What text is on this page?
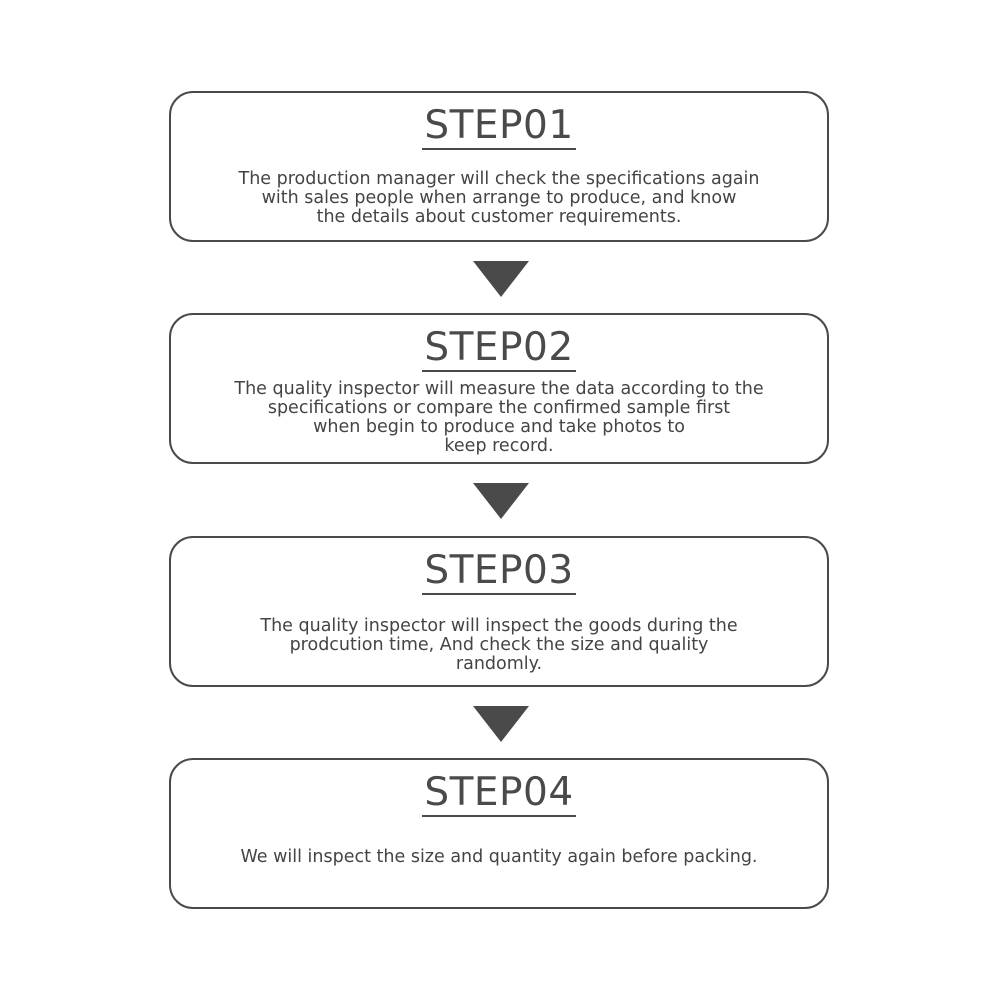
STEP01
The production manager will check the specifications again
with sales people when arrange to produce, and know
the details about customer requirements.
STEP02
The quality inspector will measure the data according to the
specifications or compare the confirmed sample first
when begin to produce and take photos to
keep record.
STEP03
The quality inspector will inspect the goods during the
prodcution time, And check the size and quality
randomly.
STEP04
We will inspect the size and quantity again before packing.
